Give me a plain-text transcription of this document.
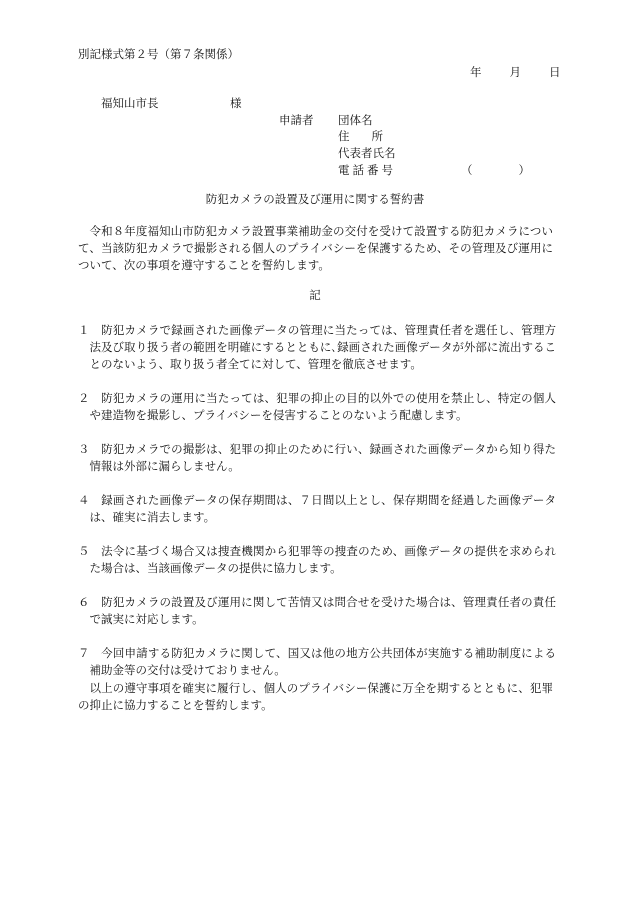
別記様式第２号（第７条関係）
年 月 日
福知山市長	様
申請者 団体名
住所
代表者氏名
電話番号	（　　　　）
防犯カメラの設置及び運用に関する誓約書
令和８年度福知山市防犯カメラ設置事業補助金の交付を受けて設置する防犯カメラについて、当該防犯カメラで撮影される個人のプライバシーを保護するため、その管理及び運用について、次の事項を遵守することを誓約します。
記
１ 防犯カメラで録画された画像データの管理に当たっては、管理責任者を選任し、管理方法及び取り扱う者の範囲を明確にするとともに､録画された画像データが外部に流出することのないよう、取り扱う者全てに対して、管理を徹底させます。
２ 防犯カメラの運用に当たっては、犯罪の抑止の目的以外での使用を禁止し、特定の個人や建造物を撮影し、プライバシーを侵害することのないよう配慮します。
３ 防犯カメラでの撮影は、犯罪の抑止のために行い、録画された画像データから知り得た情報は外部に漏らしません。
４ 録画された画像データの保存期間は、７日間以上とし、保存期間を経過した画像データは、確実に消去します。
５ 法令に基づく場合又は捜査機関から犯罪等の捜査のため、画像データの提供を求められた場合は、当該画像データの提供に協力します。
６ 防犯カメラの設置及び運用に関して苦情又は問合せを受けた場合は、管理責任者の責任で誠実に対応します。
７ 今回申請する防犯カメラに関して、国又は他の地方公共団体が実施する補助制度による補助金等の交付は受けておりません。
以上の遵守事項を確実に履行し、個人のプライバシー保護に万全を期するとともに、犯罪の抑止に協力することを誓約します。
